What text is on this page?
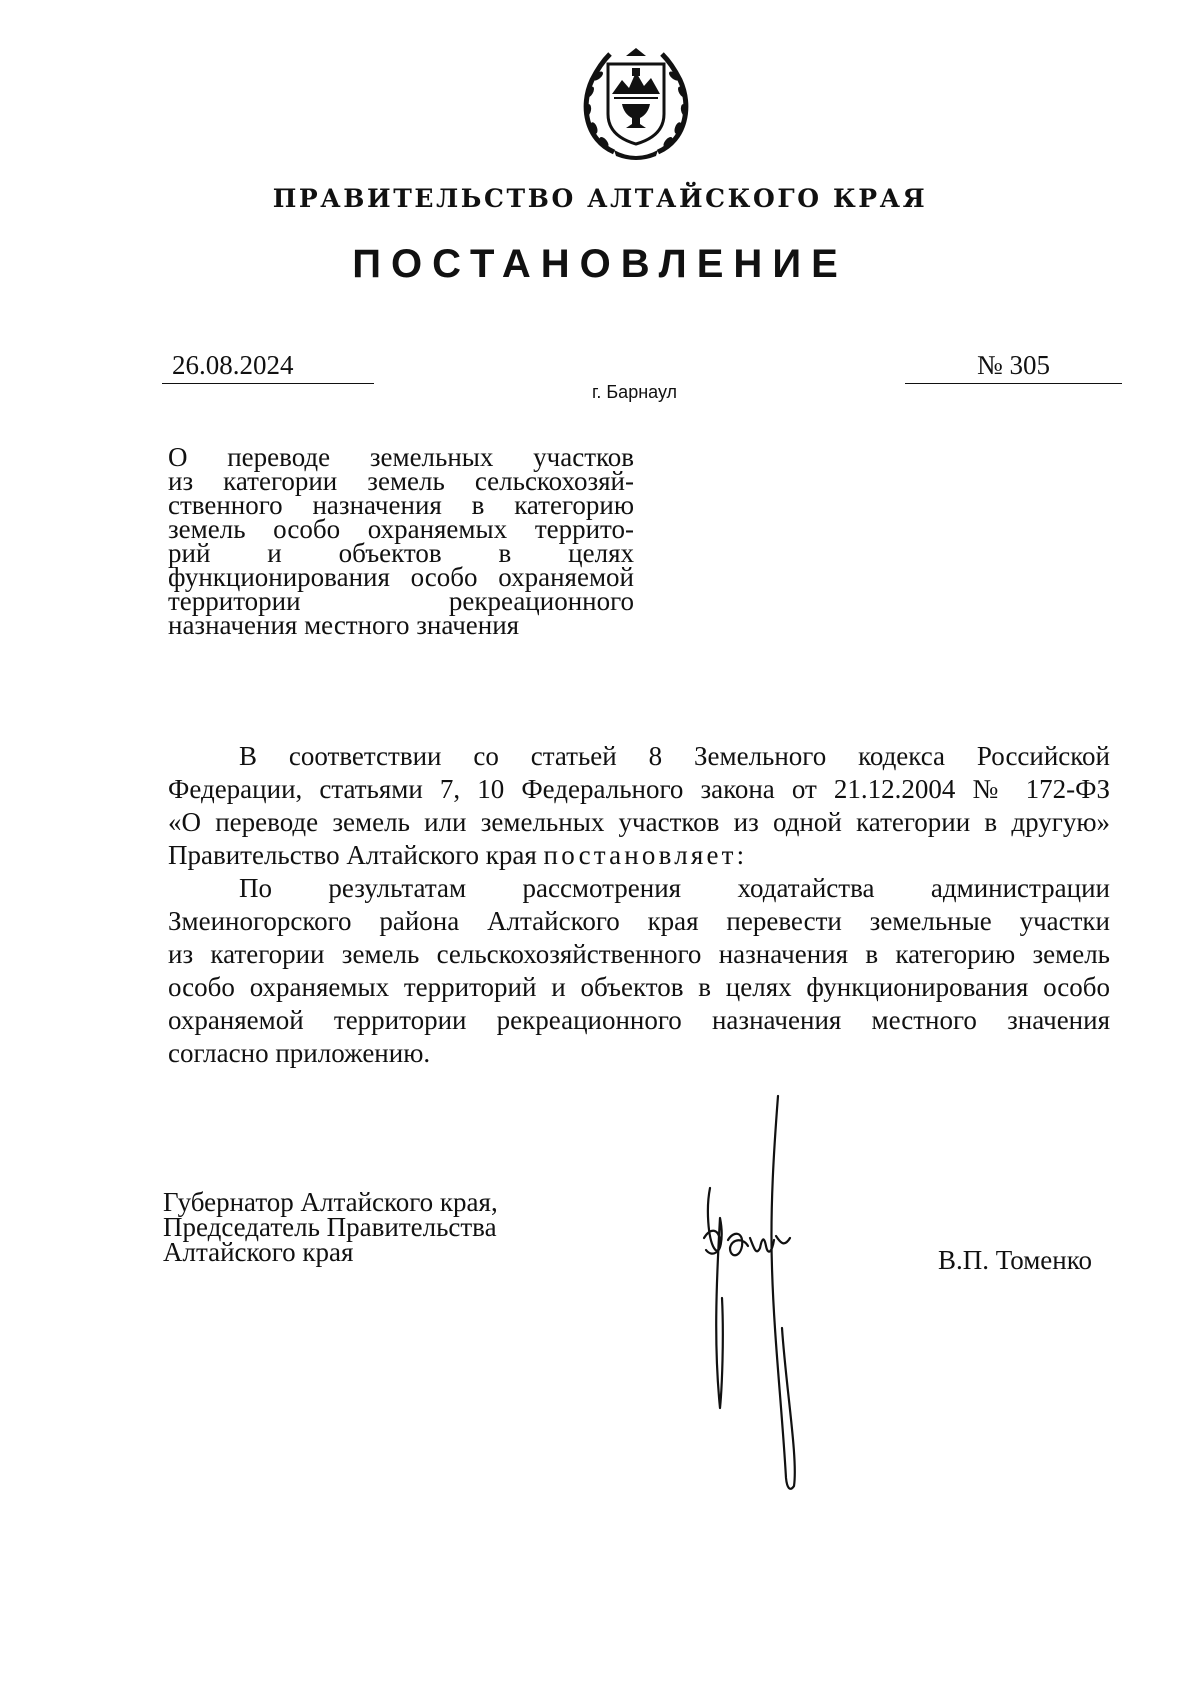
ПРАВИТЕЛЬСТВО АЛТАЙСКОГО КРАЯ
ПОСТАНОВЛЕНИЕ
26.08.2024	№ 305
г. Барнаул
О переводе земельных участков
из категории земель сельскохозяй-
ственного назначения в категорию
земель особо охраняемых террито-
рий и объектов в целях
функционирования особо охраняемой
территории рекреационного
назначения местного значения
В соответствии со статьей 8 Земельного кодекса Российской
Федерации, статьями 7, 10 Федерального закона от 21.12.2004 № 172-ФЗ
«О переводе земель или земельных участков из одной категории в другую»
Правительство Алтайского края постановляет:
По результатам рассмотрения ходатайства администрации
Змеиногорского района Алтайского края перевести земельные участки
из категории земель сельскохозяйственного назначения в категорию земель
особо охраняемых территорий и объектов в целях функционирования особо
охраняемой территории рекреационного назначения местного значения
согласно приложению.
Губернатор Алтайского края,
Председатель Правительства
Алтайского края	В.П. Томенко
